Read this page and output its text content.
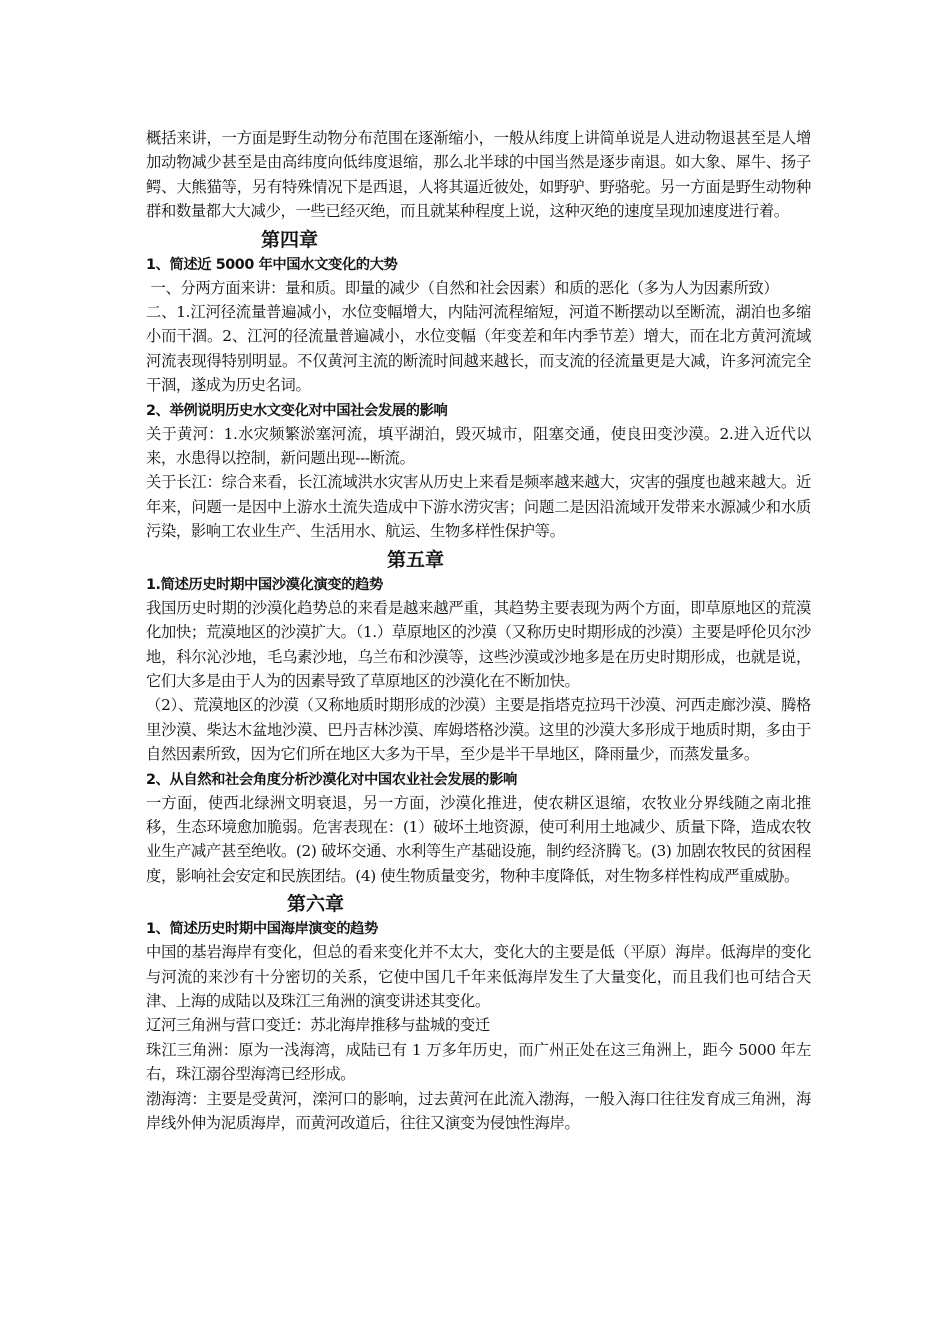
概括来讲，一方面是野生动物分布范围在逐渐缩小，一般从纬度上讲简单说是人进动物退甚至是人增加动物减少甚至是由高纬度向低纬度退缩，那么北半球的中国当然是逐步南退。如大象、犀牛、扬子鳄、大熊猫等，另有特殊情况下是西退，人将其逼近彼处，如野驴、野骆驼。另一方面是野生动物种群和数量都大大减少，一些已经灭绝，而且就某种程度上说，这种灭绝的速度呈现加速度进行着。

第四章
1、简述近 5000 年中国水文变化的大势

一、分两方面来讲：量和质。即量的减少（自然和社会因素）和质的恶化（多为人为因素所致）

二、1.江河径流量普遍减小，水位变幅增大，内陆河流程缩短，河道不断摆动以至断流，湖泊也多缩小而干涸。2、江河的径流量普遍减小，水位变幅（年变差和年内季节差）增大，而在北方黄河流域河流表现得特别明显。不仅黄河主流的断流时间越来越长，而支流的径流量更是大减，许多河流完全干涸，遂成为历史名词。

2、举例说明历史水文变化对中国社会发展的影响

关于黄河：1.水灾频繁淤塞河流，填平湖泊，毁灭城市，阻塞交通，使良田变沙漠。2.进入近代以来，水患得以控制，新问题出现---断流。

关于长江：综合来看，长江流域洪水灾害从历史上来看是频率越来越大，灾害的强度也越来越大。近年来，问题一是因中上游水土流失造成中下游水涝灾害；问题二是因沿流域开发带来水源减少和水质污染，影响工农业生产、生活用水、航运、生物多样性保护等。

第五章
1.简述历史时期中国沙漠化演变的趋势

我国历史时期的沙漠化趋势总的来看是越来越严重，其趋势主要表现为两个方面，即草原地区的荒漠化加快；荒漠地区的沙漠扩大。（1.）草原地区的沙漠（又称历史时期形成的沙漠）主要是呼伦贝尔沙地，科尔沁沙地，毛乌素沙地，乌兰布和沙漠等，这些沙漠或沙地多是在历史时期形成，也就是说，它们大多是由于人为的因素导致了草原地区的沙漠化在不断加快。

（2）、荒漠地区的沙漠（又称地质时期形成的沙漠）主要是指塔克拉玛干沙漠、河西走廊沙漠、腾格里沙漠、柴达木盆地沙漠、巴丹吉林沙漠、库姆塔格沙漠。这里的沙漠大多形成于地质时期，多由于自然因素所致，因为它们所在地区大多为干旱，至少是半干旱地区，降雨量少，而蒸发量多。

2、从自然和社会角度分析沙漠化对中国农业社会发展的影响

一方面，使西北绿洲文明衰退，另一方面，沙漠化推进，使农耕区退缩，农牧业分界线随之南北推移，生态环境愈加脆弱。危害表现在：(1）破坏土地资源，使可利用土地减少、质量下降，造成农牧业生产减产甚至绝收。(2) 破坏交通、水利等生产基础设施，制约经济腾飞。(3) 加剧农牧民的贫困程度，影响社会安定和民族团结。(4) 使生物质量变劣，物种丰度降低，对生物多样性构成严重威胁。

第六章
1、简述历史时期中国海岸演变的趋势

中国的基岩海岸有变化，但总的看来变化并不太大，变化大的主要是低（平原）海岸。低海岸的变化与河流的来沙有十分密切的关系，它使中国几千年来低海岸发生了大量变化，而且我们也可结合天津、上海的成陆以及珠江三角洲的演变讲述其变化。

辽河三角洲与营口变迁：苏北海岸推移与盐城的变迁

珠江三角洲：原为一浅海湾，成陆已有 1 万多年历史，而广州正处在这三角洲上，距今 5000 年左右，珠江溺谷型海湾已经形成。

渤海湾：主要是受黄河，滦河口的影响，过去黄河在此流入渤海，一般入海口往往发育成三角洲，海岸线外伸为泥质海岸，而黄河改道后，往往又演变为侵蚀性海岸。
